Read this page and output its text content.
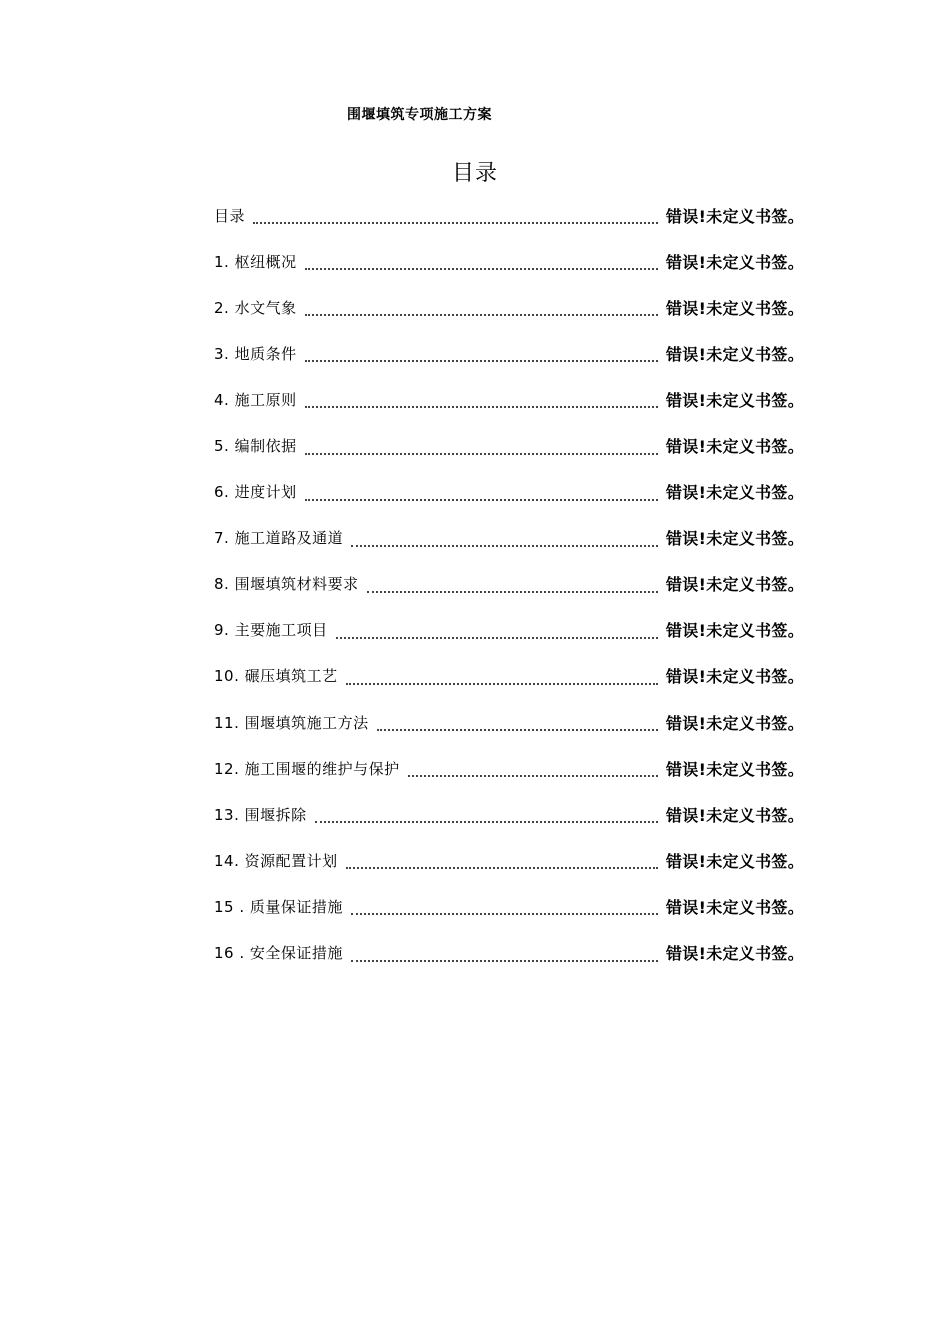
围堰填筑专项施工方案
目录
目录	错误!未定义书签。
1. 枢纽概况	错误!未定义书签。
2. 水文气象	错误!未定义书签。
3. 地质条件	错误!未定义书签。
4. 施工原则	错误!未定义书签。
5. 编制依据	错误!未定义书签。
6. 进度计划	错误!未定义书签。
7. 施工道路及通道	错误!未定义书签。
8. 围堰填筑材料要求	错误!未定义书签。
9. 主要施工项目	错误!未定义书签。
10. 碾压填筑工艺	错误!未定义书签。
11. 围堰填筑施工方法	错误!未定义书签。
12. 施工围堰的维护与保护	错误!未定义书签。
13. 围堰拆除	错误!未定义书签。
14. 资源配置计划	错误!未定义书签。
15 . 质量保证措施	错误!未定义书签。
16 . 安全保证措施	错误!未定义书签。
